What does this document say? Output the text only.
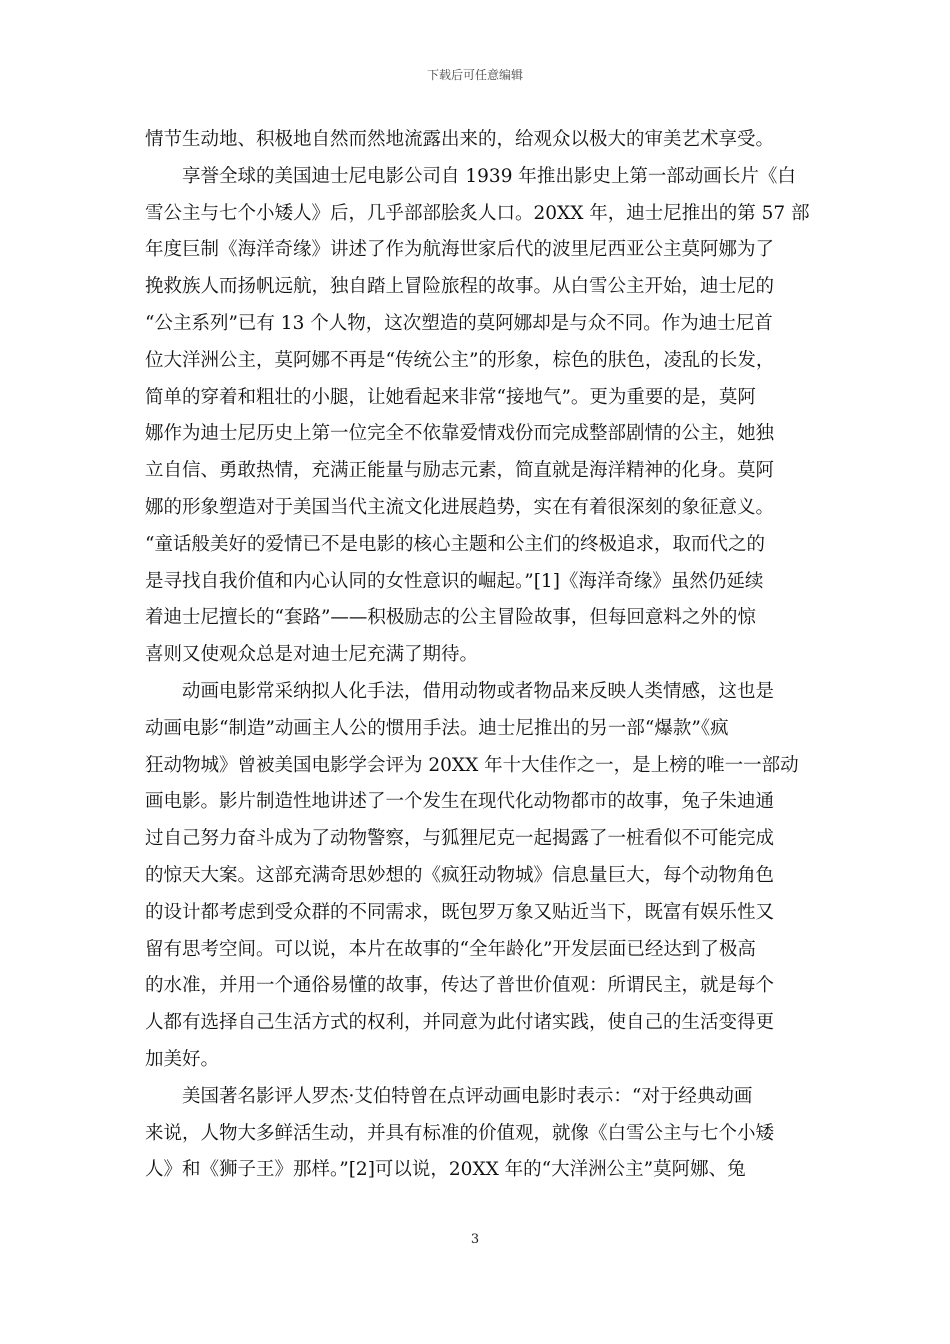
下载后可任意编辑
情节生动地、积极地自然而然地流露出来的，给观众以极大的审美艺术享受。
享誉全球的美国迪士尼电影公司自 1939 年推出影史上第一部动画长片《白
雪公主与七个小矮人》后，几乎部部脍炙人口。20XX 年，迪士尼推出的第 57 部
年度巨制《海洋奇缘》讲述了作为航海世家后代的波里尼西亚公主莫阿娜为了
挽救族人而扬帆远航，独自踏上冒险旅程的故事。从白雪公主开始，迪士尼的
“公主系列”已有 13 个人物，这次塑造的莫阿娜却是与众不同。作为迪士尼首
位大洋洲公主，莫阿娜不再是“传统公主”的形象，棕色的肤色，凌乱的长发，
简单的穿着和粗壮的小腿，让她看起来非常“接地气”。更为重要的是，莫阿
娜作为迪士尼历史上第一位完全不依靠爱情戏份而完成整部剧情的公主，她独
立自信、勇敢热情，充满正能量与励志元素，简直就是海洋精神的化身。莫阿
娜的形象塑造对于美国当代主流文化进展趋势，实在有着很深刻的象征意义。
“童话般美好的爱情已不是电影的核心主题和公主们的终极追求，取而代之的
是寻找自我价值和内心认同的女性意识的崛起。”[1]《海洋奇缘》虽然仍延续
着迪士尼擅长的“套路”——积极励志的公主冒险故事，但每回意料之外的惊
喜则又使观众总是对迪士尼充满了期待。
动画电影常采纳拟人化手法，借用动物或者物品来反映人类情感，这也是
动画电影“制造”动画主人公的惯用手法。迪士尼推出的另一部“爆款”《疯
狂动物城》曾被美国电影学会评为 20XX 年十大佳作之一，是上榜的唯一一部动
画电影。影片制造性地讲述了一个发生在现代化动物都市的故事，兔子朱迪通
过自己努力奋斗成为了动物警察，与狐狸尼克一起揭露了一桩看似不可能完成
的惊天大案。这部充满奇思妙想的《疯狂动物城》信息量巨大，每个动物角色
的设计都考虑到受众群的不同需求，既包罗万象又贴近当下，既富有娱乐性又
留有思考空间。可以说，本片在故事的“全年龄化”开发层面已经达到了极高
的水准，并用一个通俗易懂的故事，传达了普世价值观：所谓民主，就是每个
人都有选择自己生活方式的权利，并同意为此付诸实践，使自己的生活变得更
加美好。
美国著名影评人罗杰·艾伯特曾在点评动画电影时表示：“对于经典动画
来说，人物大多鲜活生动，并具有标准的价值观，就像《白雪公主与七个小矮
人》和《狮子王》那样。”[2]可以说，20XX 年的“大洋洲公主”莫阿娜、兔
3
